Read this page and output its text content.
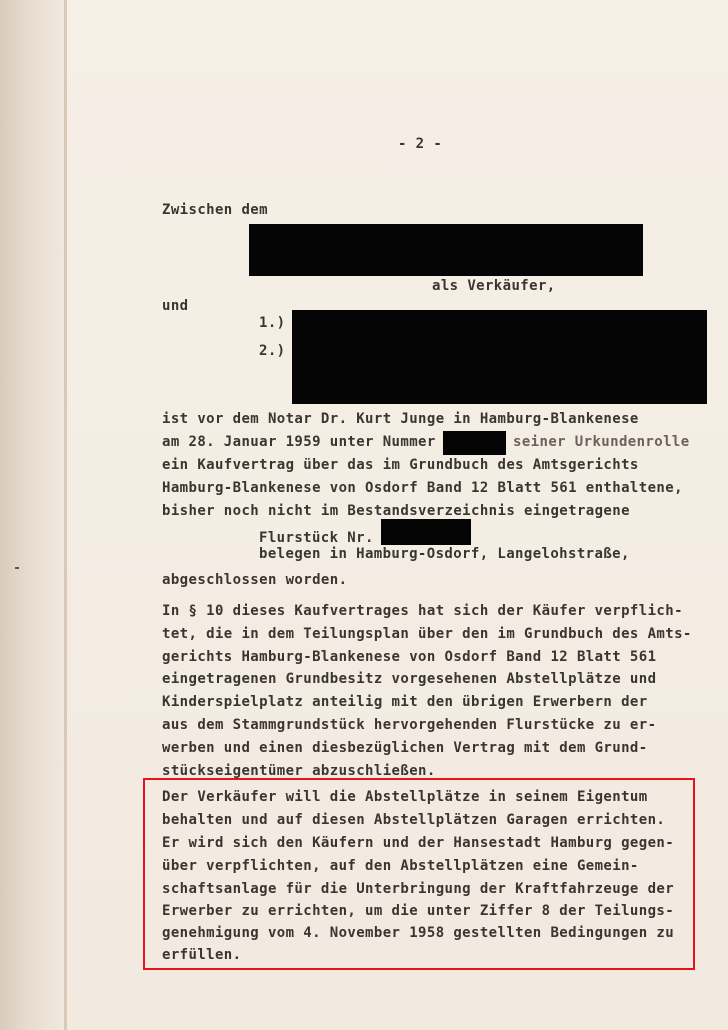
- 2 -
Zwischen dem
als Verkäufer,
und
1.)
2.)
ist vor dem Notar Dr. Kurt Junge in Hamburg-Blankenese
am 28. Januar 1959 unter Nummer	seiner Urkundenrolle
ein Kaufvertrag über das im Grundbuch des Amtsgerichts
Hamburg-Blankenese von Osdorf Band 12 Blatt 561 enthaltene,
bisher noch nicht im Bestandsverzeichnis eingetragene
Flurstück Nr.
belegen in Hamburg-Osdorf, Langelohstraße,
abgeschlossen worden.
In § 10 dieses Kaufvertrages hat sich der Käufer verpflich-
tet, die in dem Teilungsplan über den im Grundbuch des Amts-
gerichts Hamburg-Blankenese von Osdorf Band 12 Blatt 561
eingetragenen Grundbesitz vorgesehenen Abstellplätze und
Kinderspielplatz anteilig mit den übrigen Erwerbern der
aus dem Stammgrundstück hervorgehenden Flurstücke zu er-
werben und einen diesbezüglichen Vertrag mit dem Grund-
stückseigentümer abzuschließen.
Der Verkäufer will die Abstellplätze in seinem Eigentum
behalten und auf diesen Abstellplätzen Garagen errichten.
Er wird sich den Käufern und der Hansestadt Hamburg gegen-
über verpflichten, auf den Abstellplätzen eine Gemein-
schaftsanlage für die Unterbringung der Kraftfahrzeuge der
Erwerber zu errichten, um die unter Ziffer 8 der Teilungs-
genehmigung vom 4. November 1958 gestellten Bedingungen zu
erfüllen.
